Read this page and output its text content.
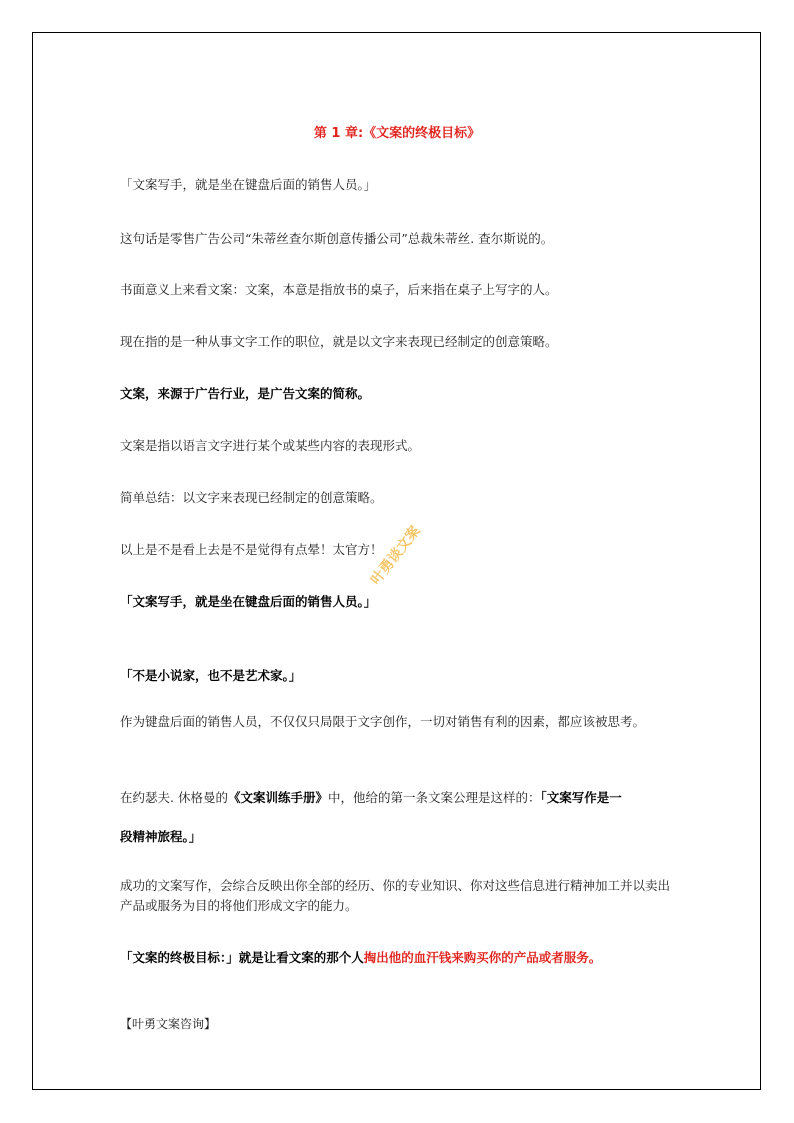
第 1 章:《文案的终极目标》

「文案写手，就是坐在键盘后面的销售人员。」

这句话是零售广告公司“朱蒂丝查尔斯创意传播公司”总裁朱蒂丝. 查尔斯说的。

书面意义上来看文案：文案，本意是指放书的桌子，后来指在桌子上写字的人。

现在指的是一种从事文字工作的职位，就是以文字来表现已经制定的创意策略。

文案，来源于广告行业，是广告文案的简称。

文案是指以语言文字进行某个或某些内容的表现形式。

简单总结：以文字来表现已经制定的创意策略。

以上是不是看上去是不是觉得有点晕！太官方！

「文案写手，就是坐在键盘后面的销售人员。」

「不是小说家，也不是艺术家。」

作为键盘后面的销售人员，不仅仅只局限于文字创作，一切对销售有利的因素，都应该被思考。

在约瑟夫. 休格曼的《文案训练手册》中，他给的第一条文案公理是这样的：「文案写作是一

段精神旅程。」

成功的文案写作，会综合反映出你全部的经历、你的专业知识、你对这些信息进行精神加工并以卖出产品或服务为目的将他们形成文字的能力。

「文案的终极目标：」就是让看文案的那个人掏出他的血汗钱来购买你的产品或者服务。

【叶勇文案咨询】

叶勇谈文案
